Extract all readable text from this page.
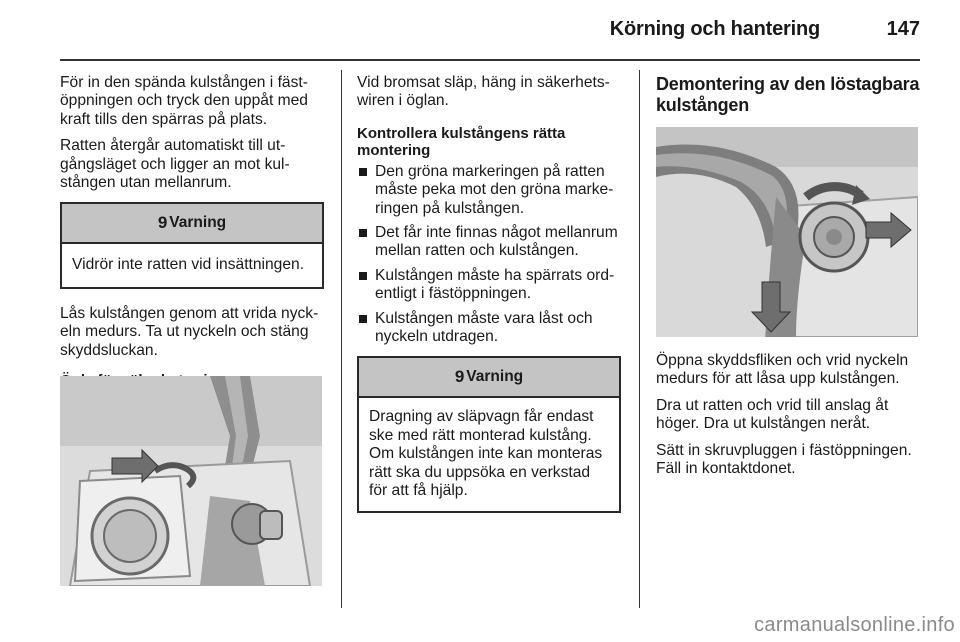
Körning och hantering	147

För in den spända kulstången i fäst-
öppningen och tryck den uppåt med
kraft tills den spärras på plats.

Ratten återgår automatiskt till ut-
gångsläget och ligger an mot kul-
stången utan mellanrum.

9 Varning
Vidrör inte ratten vid insättningen.

Lås kulstången genom att vrida nyck-
eln medurs. Ta ut nyckeln och stäng
skyddsluckan.

Vid bromsat släp, häng in säkerhets-
wiren i öglan.

Kontrollera kulstångens rätta
montering
Den gröna markeringen på ratten
måste peka mot den gröna marke-
ringen på kulstången.
Det får inte finnas något mellanrum
mellan ratten och kulstången.
Kulstången måste ha spärrats ord-
entligt i fästöppningen.
Kulstången måste vara låst och
nyckeln utdragen.
9 Varning
Dragning av släpvagn får endast
ske med rätt monterad kulstång.
Om kulstången inte kan monteras
rätt ska du uppsöka en verkstad
för att få hjälp.
Demontering av den löstagbara
kulstången

Öppna skyddsfliken och vrid nyckeln
medurs för att låsa upp kulstången.

Dra ut ratten och vrid till anslag åt
höger. Dra ut kulstången neråt.

Sätt in skruvpluggen i fästöppningen.
Fäll in kontaktdonet.

carmanualsonline.info
